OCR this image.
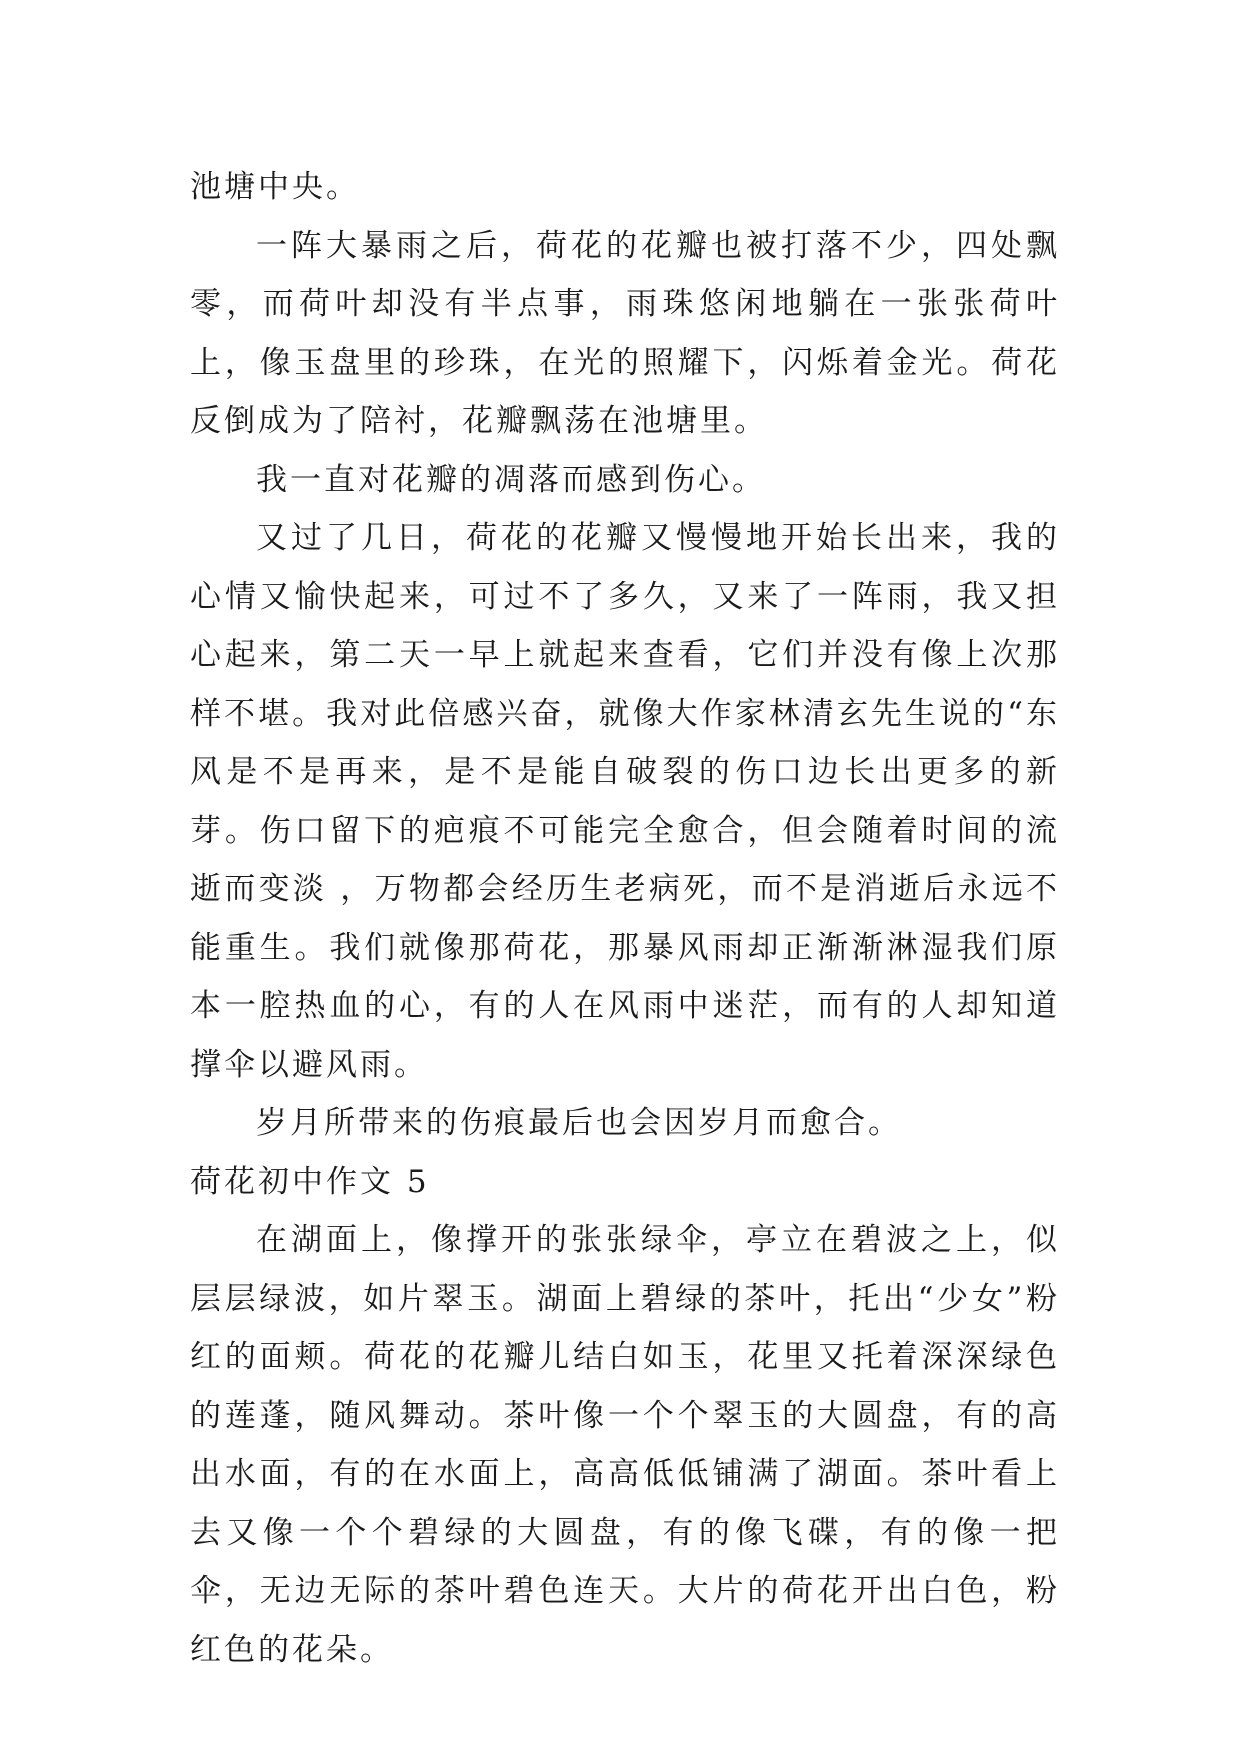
池塘中央。

一阵大暴雨之后，荷花的花瓣也被打落不少，四处飘零，而荷叶却没有半点事，雨珠悠闲地躺在一张张荷叶上，像玉盘里的珍珠，在光的照耀下，闪烁着金光。荷花反倒成为了陪衬，花瓣飘荡在池塘里。

我一直对花瓣的凋落而感到伤心。

又过了几日，荷花的花瓣又慢慢地开始长出来，我的心情又愉快起来，可过不了多久，又来了一阵雨，我又担心起来，第二天一早上就起来查看，它们并没有像上次那样不堪。我对此倍感兴奋，就像大作家林清玄先生说的“东风是不是再来，是不是能自破裂的伤口边长出更多的新芽。伤口留下的疤痕不可能完全愈合，但会随着时间的流逝而变淡 ，万物都会经历生老病死，而不是消逝后永远不能重生。我们就像那荷花，那暴风雨却正渐渐淋湿我们原本一腔热血的心，有的人在风雨中迷茫，而有的人却知道撑伞以避风雨。

岁月所带来的伤痕最后也会因岁月而愈合。

荷花初中作文 5

在湖面上，像撑开的张张绿伞，亭立在碧波之上，似层层绿波，如片翠玉。湖面上碧绿的茶叶，托出“少女”粉红的面颊。荷花的花瓣儿结白如玉，花里又托着深深绿色的莲蓬，随风舞动。茶叶像一个个翠玉的大圆盘，有的高出水面，有的在水面上，高高低低铺满了湖面。茶叶看上去又像一个个碧绿的大圆盘，有的像飞碟，有的像一把伞，无边无际的茶叶碧色连天。大片的荷花开出白色，粉红色的花朵。
